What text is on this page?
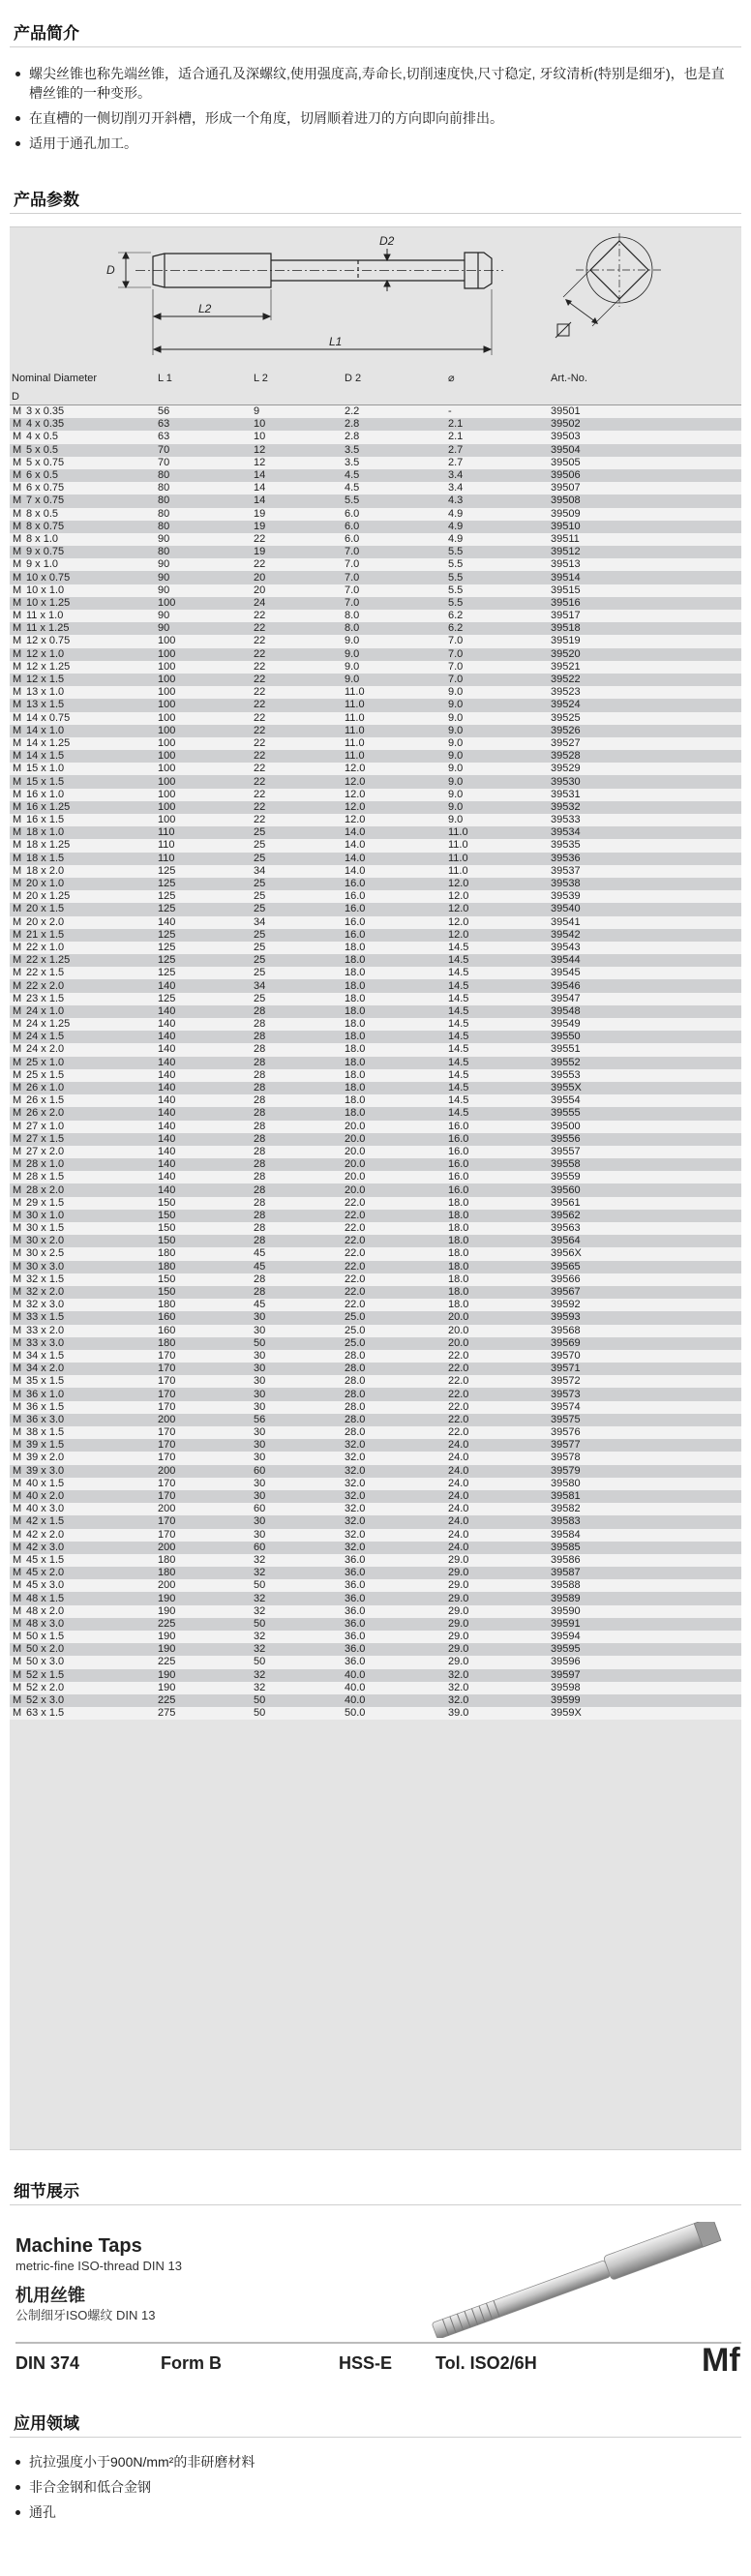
产品简介
螺尖丝锥也称先端丝锥，适合通孔及深螺纹,使用强度高,寿命长,切削速度快,尺寸稳定, 牙纹清析(特别是细牙)，也是直槽丝锥的一种变形。
在直槽的一侧切削刃开斜槽，形成一个角度，切屑顺着进刀的方向即向前排出。
适用于通孔加工。
产品参数
D
D2
L2
L1
Nominal Diameter		L 1	L 2	D 2	⌀	Art.-No.
D						
M	3 x 0.35	56	9	2.2	-	39501
M	4 x 0.35	63	10	2.8	2.1	39502
M	4 x 0.5	63	10	2.8	2.1	39503
M	5 x 0.5	70	12	3.5	2.7	39504
M	5 x 0.75	70	12	3.5	2.7	39505
M	6 x 0.5	80	14	4.5	3.4	39506
M	6 x 0.75	80	14	4.5	3.4	39507
M	7 x 0.75	80	14	5.5	4.3	39508
M	8 x 0.5	80	19	6.0	4.9	39509
M	8 x 0.75	80	19	6.0	4.9	39510
M	8 x 1.0	90	22	6.0	4.9	39511
M	9 x 0.75	80	19	7.0	5.5	39512
M	9 x 1.0	90	22	7.0	5.5	39513
M	10 x 0.75	90	20	7.0	5.5	39514
M	10 x 1.0	90	20	7.0	5.5	39515
M	10 x 1.25	100	24	7.0	5.5	39516
M	11 x 1.0	90	22	8.0	6.2	39517
M	11 x 1.25	90	22	8.0	6.2	39518
M	12 x 0.75	100	22	9.0	7.0	39519
M	12 x 1.0	100	22	9.0	7.0	39520
M	12 x 1.25	100	22	9.0	7.0	39521
M	12 x 1.5	100	22	9.0	7.0	39522
M	13 x 1.0	100	22	11.0	9.0	39523
M	13 x 1.5	100	22	11.0	9.0	39524
M	14 x 0.75	100	22	11.0	9.0	39525
M	14 x 1.0	100	22	11.0	9.0	39526
M	14 x 1.25	100	22	11.0	9.0	39527
M	14 x 1.5	100	22	11.0	9.0	39528
M	15 x 1.0	100	22	12.0	9.0	39529
M	15 x 1.5	100	22	12.0	9.0	39530
M	16 x 1.0	100	22	12.0	9.0	39531
M	16 x 1.25	100	22	12.0	9.0	39532
M	16 x 1.5	100	22	12.0	9.0	39533
M	18 x 1.0	110	25	14.0	11.0	39534
M	18 x 1.25	110	25	14.0	11.0	39535
M	18 x 1.5	110	25	14.0	11.0	39536
M	18 x 2.0	125	34	14.0	11.0	39537
M	20 x 1.0	125	25	16.0	12.0	39538
M	20 x 1.25	125	25	16.0	12.0	39539
M	20 x 1.5	125	25	16.0	12.0	39540
M	20 x 2.0	140	34	16.0	12.0	39541
M	21 x 1.5	125	25	16.0	12.0	39542
M	22 x 1.0	125	25	18.0	14.5	39543
M	22 x 1.25	125	25	18.0	14.5	39544
M	22 x 1.5	125	25	18.0	14.5	39545
M	22 x 2.0	140	34	18.0	14.5	39546
M	23 x 1.5	125	25	18.0	14.5	39547
M	24 x 1.0	140	28	18.0	14.5	39548
M	24 x 1.25	140	28	18.0	14.5	39549
M	24 x 1.5	140	28	18.0	14.5	39550
M	24 x 2.0	140	28	18.0	14.5	39551
M	25 x 1.0	140	28	18.0	14.5	39552
M	25 x 1.5	140	28	18.0	14.5	39553
M	26 x 1.0	140	28	18.0	14.5	3955X
M	26 x 1.5	140	28	18.0	14.5	39554
M	26 x 2.0	140	28	18.0	14.5	39555
M	27 x 1.0	140	28	20.0	16.0	39500
M	27 x 1.5	140	28	20.0	16.0	39556
M	27 x 2.0	140	28	20.0	16.0	39557
M	28 x 1.0	140	28	20.0	16.0	39558
M	28 x 1.5	140	28	20.0	16.0	39559
M	28 x 2.0	140	28	20.0	16.0	39560
M	29 x 1.5	150	28	22.0	18.0	39561
M	30 x 1.0	150	28	22.0	18.0	39562
M	30 x 1.5	150	28	22.0	18.0	39563
M	30 x 2.0	150	28	22.0	18.0	39564
M	30 x 2.5	180	45	22.0	18.0	3956X
M	30 x 3.0	180	45	22.0	18.0	39565
M	32 x 1.5	150	28	22.0	18.0	39566
M	32 x 2.0	150	28	22.0	18.0	39567
M	32 x 3.0	180	45	22.0	18.0	39592
M	33 x 1.5	160	30	25.0	20.0	39593
M	33 x 2.0	160	30	25.0	20.0	39568
M	33 x 3.0	180	50	25.0	20.0	39569
M	34 x 1.5	170	30	28.0	22.0	39570
M	34 x 2.0	170	30	28.0	22.0	39571
M	35 x 1.5	170	30	28.0	22.0	39572
M	36 x 1.0	170	30	28.0	22.0	39573
M	36 x 1.5	170	30	28.0	22.0	39574
M	36 x 3.0	200	56	28.0	22.0	39575
M	38 x 1.5	170	30	28.0	22.0	39576
M	39 x 1.5	170	30	32.0	24.0	39577
M	39 x 2.0	170	30	32.0	24.0	39578
M	39 x 3.0	200	60	32.0	24.0	39579
M	40 x 1.5	170	30	32.0	24.0	39580
M	40 x 2.0	170	30	32.0	24.0	39581
M	40 x 3.0	200	60	32.0	24.0	39582
M	42 x 1.5	170	30	32.0	24.0	39583
M	42 x 2.0	170	30	32.0	24.0	39584
M	42 x 3.0	200	60	32.0	24.0	39585
M	45 x 1.5	180	32	36.0	29.0	39586
M	45 x 2.0	180	32	36.0	29.0	39587
M	45 x 3.0	200	50	36.0	29.0	39588
M	48 x 1.5	190	32	36.0	29.0	39589
M	48 x 2.0	190	32	36.0	29.0	39590
M	48 x 3.0	225	50	36.0	29.0	39591
M	50 x 1.5	190	32	36.0	29.0	39594
M	50 x 2.0	190	32	36.0	29.0	39595
M	50 x 3.0	225	50	36.0	29.0	39596
M	52 x 1.5	190	32	40.0	32.0	39597
M	52 x 2.0	190	32	40.0	32.0	39598
M	52 x 3.0	225	50	40.0	32.0	39599
M	63 x 1.5	275	50	50.0	39.0	3959X
细节展示
Machine Taps
metric-fine ISO-thread DIN 13
机用丝锥
公制细牙ISO螺纹 DIN 13
DIN 374	Form B	HSS-E Tol. ISO2/6H	Mf
应用领域
抗拉强度小于900N/mm²的非研磨材料
非合金钢和低合金钢
通孔
